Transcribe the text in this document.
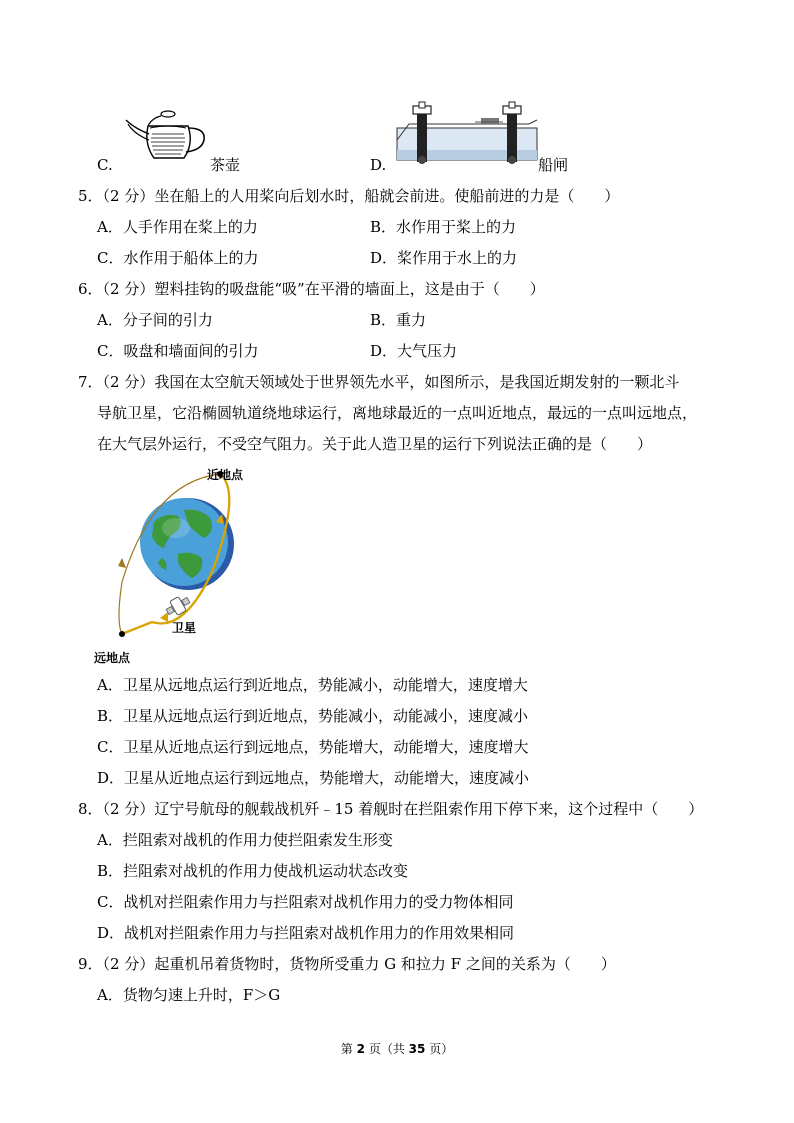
C.	茶壶	D.	船闸
5．（2 分）坐在船上的人用桨向后划水时，船就会前进。使船前进的力是（　　）
A．人手作用在桨上的力	B．水作用于桨上的力
C．水作用于船体上的力	D．桨作用于水上的力
6．（2 分）塑料挂钩的吸盘能“吸”在平滑的墙面上，这是由于（　　）
A．分子间的引力	B．重力
C．吸盘和墙面间的引力	D．大气压力
7．（2 分）我国在太空航天领域处于世界领先水平，如图所示，是我国近期发射的一颗北斗
导航卫星，它沿椭圆轨道绕地球运行，离地球最近的一点叫近地点，最远的一点叫远地点，
在大气层外运行，不受空气阻力。关于此人造卫星的运行下列说法正确的是（　　）
近地点
卫星
远地点
A．卫星从远地点运行到近地点，势能减小，动能增大，速度增大
B．卫星从远地点运行到近地点，势能减小，动能减小，速度减小
C．卫星从近地点运行到远地点，势能增大，动能增大，速度增大
D．卫星从近地点运行到远地点，势能增大，动能增大，速度减小
8．（2 分）辽宁号航母的舰载战机歼﹣15 着舰时在拦阻索作用下停下来，这个过程中（　　）
A．拦阻索对战机的作用力使拦阻索发生形变
B．拦阻索对战机的作用力使战机运动状态改变
C．战机对拦阻索作用力与拦阻索对战机作用力的受力物体相同
D．战机对拦阻索作用力与拦阻索对战机作用力的作用效果相同
9．（2 分）起重机吊着货物时，货物所受重力 G 和拉力 F 之间的关系为（　　）
A．货物匀速上升时，F＞G
第 2 页（共 35 页）
